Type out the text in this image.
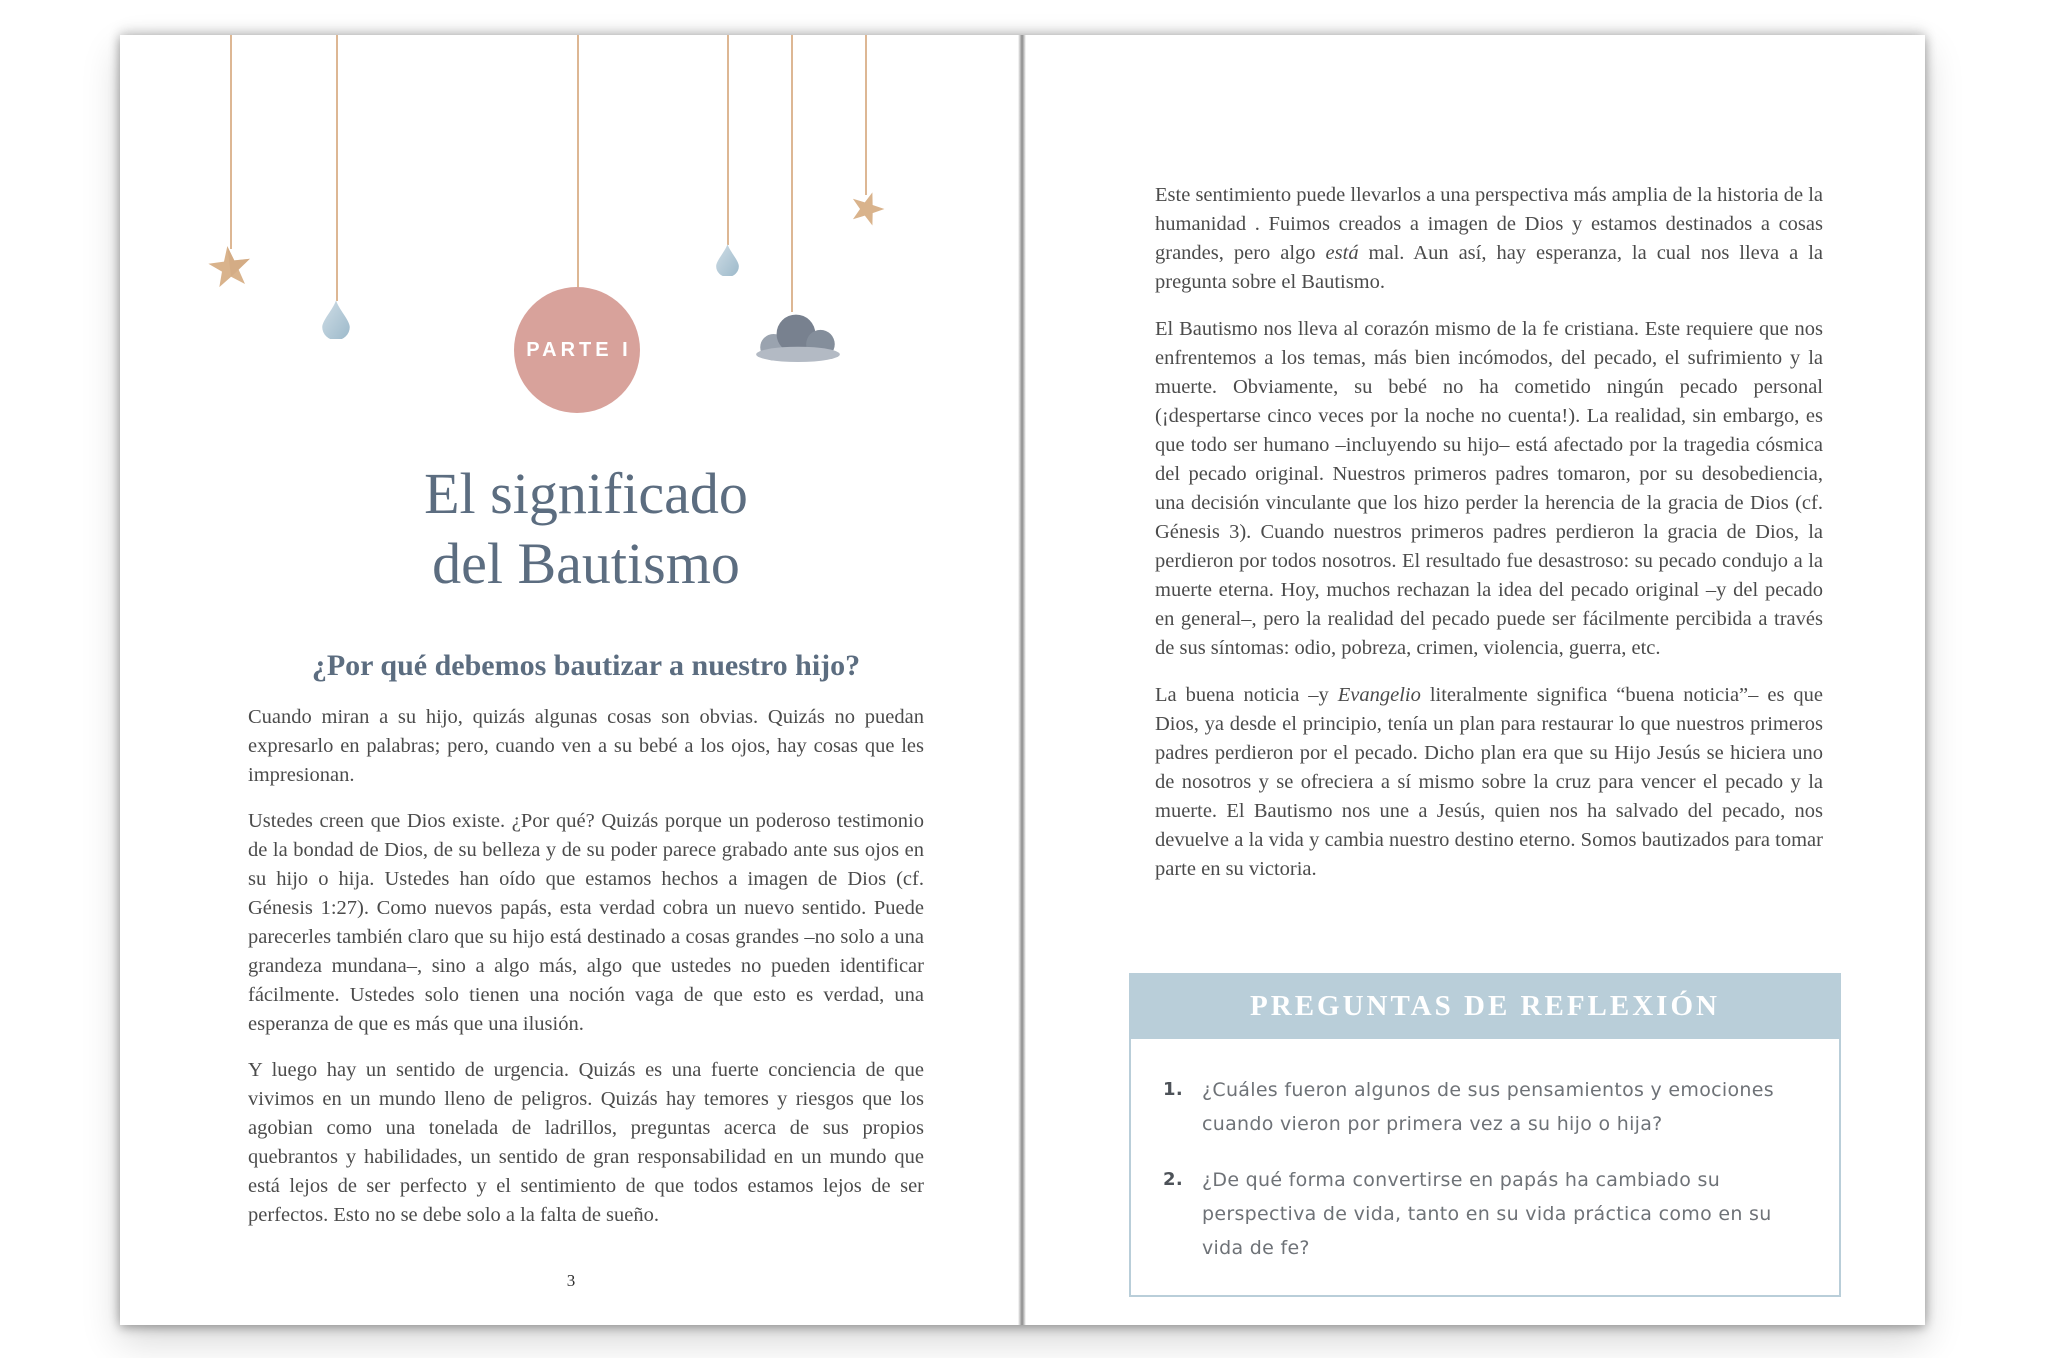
PARTE I
El significado
del Bautismo
¿Por qué debemos bautizar a nuestro hijo?

Cuando miran a su hijo, quizás algunas cosas son obvias. Quizás no puedan expresarlo en palabras; pero, cuando ven a su bebé a los ojos, hay cosas que les impresionan.

Ustedes creen que Dios existe. ¿Por qué? Quizás porque un poderoso testimonio de la bondad de Dios, de su belleza y de su poder parece grabado ante sus ojos en su hijo o hija. Ustedes han oído que estamos hechos a imagen de Dios (cf. Génesis 1:27). Como nuevos papás, esta verdad cobra un nuevo sentido. Puede parecerles también claro que su hijo está destinado a cosas grandes –no solo a una grandeza mundana–, sino a algo más, algo que ustedes no pueden identificar fácilmente. Ustedes solo tienen una noción vaga de que esto es verdad, una esperanza de que es más que una ilusión.

Y luego hay un sentido de urgencia. Quizás es una fuerte conciencia de que vivimos en un mundo lleno de peligros. Quizás hay temores y riesgos que los agobian como una tonelada de ladrillos, preguntas acerca de sus propios quebrantos y habilidades, un sentido de gran responsabilidad en un mundo que está lejos de ser perfecto y el sentimiento de que todos estamos lejos de ser perfectos. Esto no se debe solo a la falta de sueño.

3

Este sentimiento puede llevarlos a una perspectiva más amplia de la historia de la humanidad . Fuimos creados a imagen de Dios y estamos destinados a cosas grandes, pero algo está mal. Aun así, hay esperanza, la cual nos lleva a la pregunta sobre el Bautismo.

El Bautismo nos lleva al corazón mismo de la fe cristiana. Este requiere que nos enfrentemos a los temas, más bien incómodos, del pecado, el sufrimiento y la muerte. Obviamente, su bebé no ha cometido ningún pecado personal (¡despertarse cinco veces por la noche no cuenta!). La realidad, sin embargo, es que todo ser humano –incluyendo su hijo– está afectado por la tragedia cósmica del pecado original. Nuestros primeros padres tomaron, por su desobediencia, una decisión vinculante que los hizo perder la herencia de la gracia de Dios (cf. Génesis 3). Cuando nuestros primeros padres perdieron la gracia de Dios, la perdieron por todos nosotros. El resultado fue desastroso: su pecado condujo a la muerte eterna. Hoy, muchos rechazan la idea del pecado original –y del pecado en general–, pero la realidad del pecado puede ser fácilmente percibida a través de sus síntomas: odio, pobreza, crimen, violencia, guerra, etc.

La buena noticia –y Evangelio literalmente significa “buena noticia”– es que Dios, ya desde el principio, tenía un plan para restaurar lo que nuestros primeros padres perdieron por el pecado. Dicho plan era que su Hijo Jesús se hiciera uno de nosotros y se ofreciera a sí mismo sobre la cruz para vencer el pecado y la muerte. El Bautismo nos une a Jesús, quien nos ha salvado del pecado, nos devuelve a la vida y cambia nuestro destino eterno. Somos bautizados para tomar parte en su victoria.

PREGUNTAS DE REFLEXIÓN
1.	¿Cuáles fueron algunos de sus pensamientos y emociones cuando vieron por primera vez a su hijo o hija?
2.	¿De qué forma convertirse en papás ha cambiado su perspectiva de vida, tanto en su vida práctica como en su vida de fe?
